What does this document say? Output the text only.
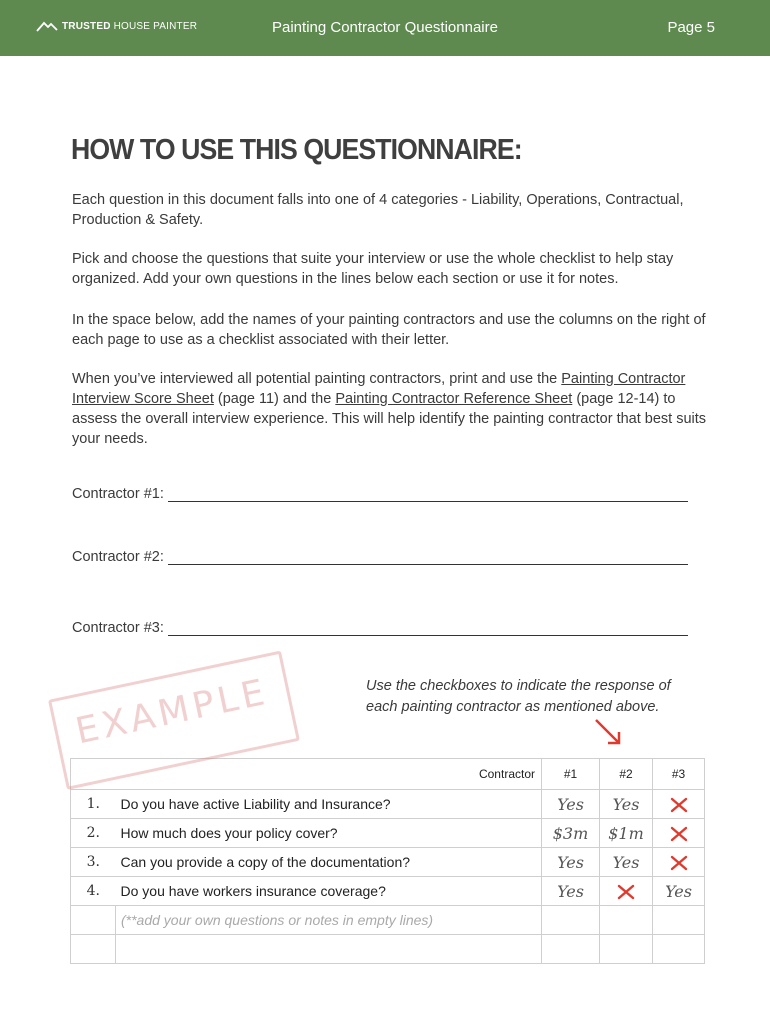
TRUSTED HOUSE PAINTER	Painting Contractor Questionnaire	Page 5
HOW TO USE THIS QUESTIONNAIRE:

Each question in this document falls into one of 4 categories - Liability, Operations, Contractual, Production & Safety.

Pick and choose the questions that suite your interview or use the whole checklist to help stay organized. Add your own questions in the lines below each section or use it for notes.

In the space below, add the names of your painting contractors and use the columns on the right of each page to use as a checklist associated with their letter.

When you’ve interviewed all potential painting contractors, print and use the Painting Contractor Interview Score Sheet (page 11) and the Painting Contractor Reference Sheet (page 12-14) to assess the overall interview experience. This will help identify the painting contractor that best suits your needs.

Contractor #1:
Contractor #2:
Contractor #3:
Use the checkboxes to indicate the response of
each painting contractor as mentioned above.
Contractor		#1	#2	#3
1.	Do you have active Liability and Insurance?	Yes	Yes	
2.	How much does your policy cover?	$3m	$1m	
3.	Can you provide a copy of the documentation?	Yes	Yes	
4.	Do you have workers insurance coverage?	Yes		Yes
	(**add your own questions or notes in empty lines)			

EXAMPLE
